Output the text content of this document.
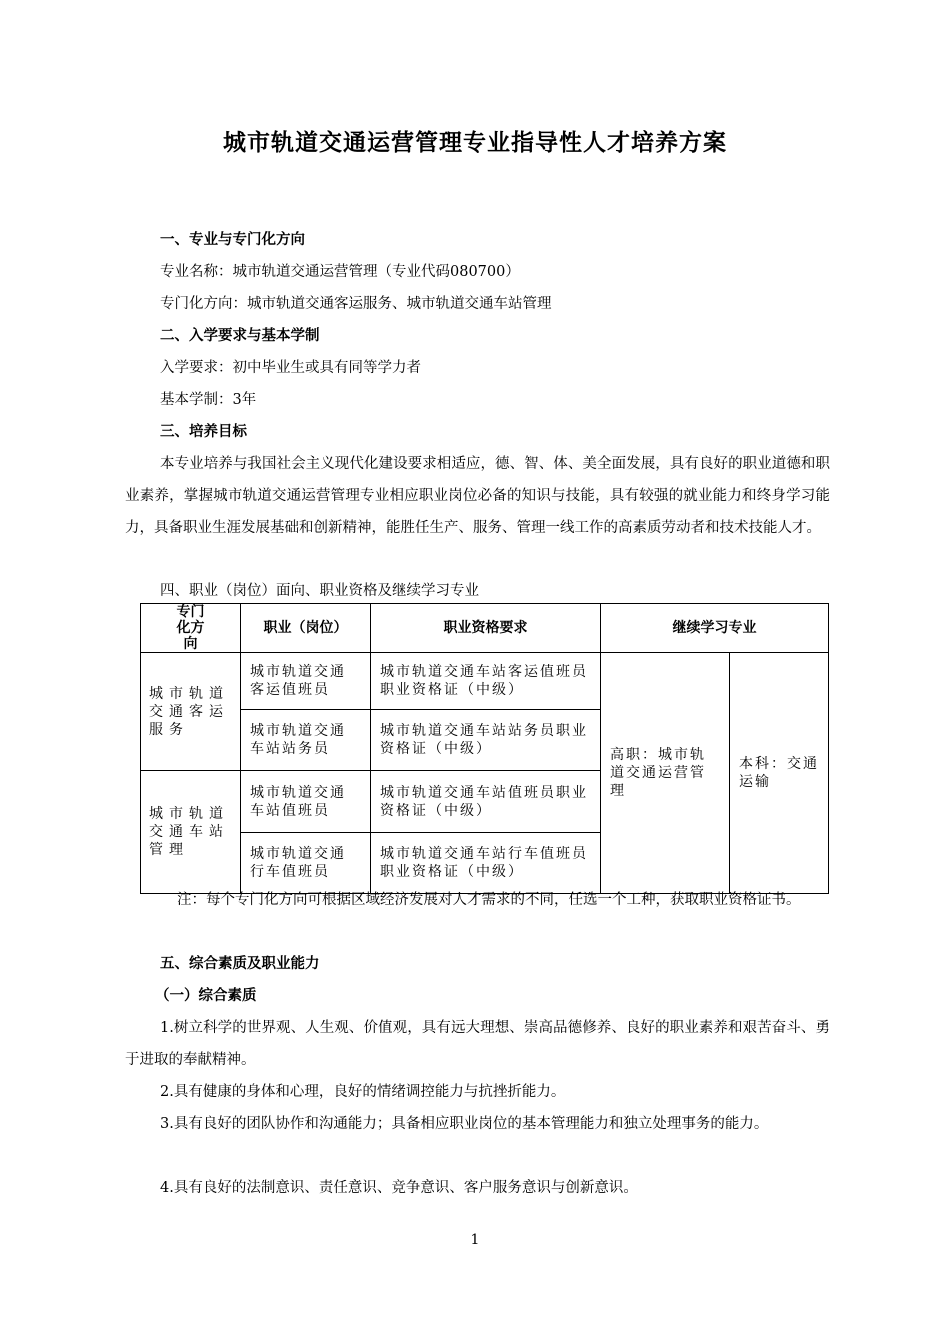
城市轨道交通运营管理专业指导性人才培养方案
一、专业与专门化方向
专业名称：城市轨道交通运营管理（专业代码080700）
专门化方向：城市轨道交通客运服务、城市轨道交通车站管理
二、入学要求与基本学制
入学要求：初中毕业生或具有同等学力者
基本学制：3年
三、培养目标
本专业培养与我国社会主义现代化建设要求相适应，德、智、体、美全面发展，具有良好的职业道德和职业素养，掌握城市轨道交通运营管理专业相应职业岗位必备的知识与技能，具有较强的就业能力和终身学习能力，具备职业生涯发展基础和创新精神，能胜任生产、服务、管理一线工作的高素质劳动者和技术技能人才。
四、职业（岗位）面向、职业资格及继续学习专业
专门化方向	职业（岗位）	职业资格要求	继续学习专业	
城市轨道交通客运服务	城市轨道交通客运值班员	城市轨道交通车站客运值班员职业资格证（中级）	高职：城市轨道交通运营管理	本科：交通运输
	城市轨道交通车站站务员	城市轨道交通车站站务员职业资格证（中级）		
城市轨道交通车站管理	城市轨道交通车站值班员	城市轨道交通车站值班员职业资格证（中级）		
	城市轨道交通行车值班员	城市轨道交通车站行车值班员职业资格证（中级）		
注：每个专门化方向可根据区域经济发展对人才需求的不同，任选一个工种，获取职业资格证书。
五、综合素质及职业能力
（一）综合素质
1.树立科学的世界观、人生观、价值观，具有远大理想、崇高品德修养、良好的职业素养和艰苦奋斗、勇于进取的奉献精神。
2.具有健康的身体和心理，良好的情绪调控能力与抗挫折能力。
3.具有良好的团队协作和沟通能力；具备相应职业岗位的基本管理能力和独立处理事务的能力。
4.具有良好的法制意识、责任意识、竞争意识、客户服务意识与创新意识。
1
